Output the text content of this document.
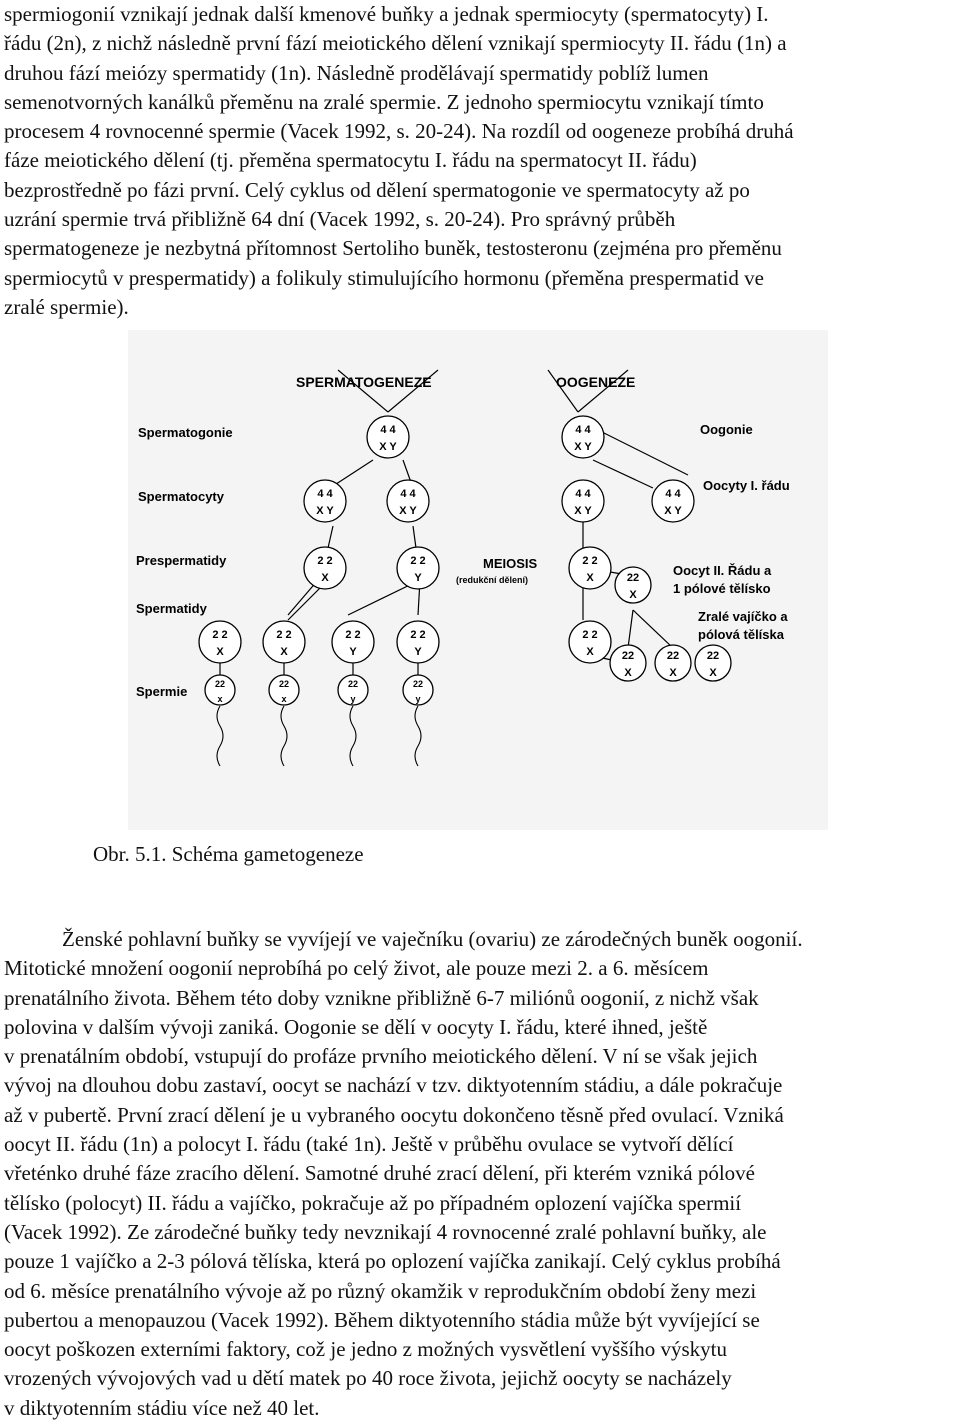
spermiogonií vznikají jednak další kmenové buňky a jednak spermiocyty (spermatocyty) I.
řádu (2n), z nichž následně první fází meiotického dělení vznikají spermiocyty II. řádu (1n) a
druhou fází meiózy spermatidy (1n). Následně prodělávají spermatidy poblíž lumen
semenotvorných kanálků přeměnu na zralé spermie. Z jednoho spermiocytu vznikají tímto
procesem 4 rovnocenné spermie (Vacek 1992, s. 20-24). Na rozdíl od oogeneze probíhá druhá
fáze meiotického dělení (tj. přeměna spermatocytu I. řádu na spermatocyt II. řádu)
bezprostředně po fázi první. Celý cyklus od dělení spermatogonie ve spermatocyty až po
uzrání spermie trvá přibližně 64 dní (Vacek 1992, s. 20-24). Pro správný průběh
spermatogeneze je nezbytná přítomnost Sertoliho buněk, testosteronu (zejména pro přeměnu
spermiocytů v prespermatidy) a folikuly stimulujícího hormonu (přeměna prespermatid ve
zralé spermie).
SPERMATOGENEZE	OOGENEZE
Spermatogonie
Spermatocyty
Prespermatidy
Spermatidy
Spermie
Oogonie
Oocyty I. řádu
Oocyt II. Řádu a
1 pólové tělísko
Zralé vajíčko a
pólová tělíska
MEIOSIS
(redukční dělení)
4 4
X Y
4 4
X Y
4 4
X Y
2 2
X
2 2
Y
2 2
X
2 2
X
2 2
Y
2 2
Y
22
x
22
x
22
y
22
y
4 4
X Y
4 4
X Y
4 4
X Y
2 2
X	22
X
2 2
X	22
X
22
X
22
X
Obr. 5.1. Schéma gametogeneze
Ženské pohlavní buňky se vyvíjejí ve vaječníku (ovariu) ze zárodečných buněk oogonií.
Mitotické množení oogonií neprobíhá po celý život, ale pouze mezi 2. a 6. měsícem
prenatálního života. Během této doby vznikne přibližně 6-7 miliónů oogonií, z nichž však
polovina v dalším vývoji zaniká. Oogonie se dělí v oocyty I. řádu, které ihned, ještě
v prenatálním období, vstupují do profáze prvního meiotického dělení. V ní se však jejich
vývoj na dlouhou dobu zastaví, oocyt se nachází v tzv. diktyotenním stádiu, a dále pokračuje
až v pubertě. První zrací dělení je u vybraného oocytu dokončeno těsně před ovulací. Vzniká
oocyt II. řádu (1n) a polocyt I. řádu (také 1n). Ještě v průběhu ovulace se vytvoří dělící
vřeténko druhé fáze zracího dělení. Samotné druhé zrací dělení, při kterém vzniká pólové
tělísko (polocyt) II. řádu a vajíčko, pokračuje až po případném oplození vajíčka spermií
(Vacek 1992). Ze zárodečné buňky tedy nevznikají 4 rovnocenné zralé pohlavní buňky, ale
pouze 1 vajíčko a 2-3 pólová tělíska, která po oplození vajíčka zanikají. Celý cyklus probíhá
od 6. měsíce prenatálního vývoje až po různý okamžik v reprodukčním období ženy mezi
pubertou a menopauzou (Vacek 1992). Během diktyotenního stádia může být vyvíjející se
oocyt poškozen externími faktory, což je jedno z možných vysvětlení vyššího výskytu
vrozených vývojových vad u dětí matek po 40 roce života, jejichž oocyty se nacházely
v diktyotenním stádiu více než 40 let.
